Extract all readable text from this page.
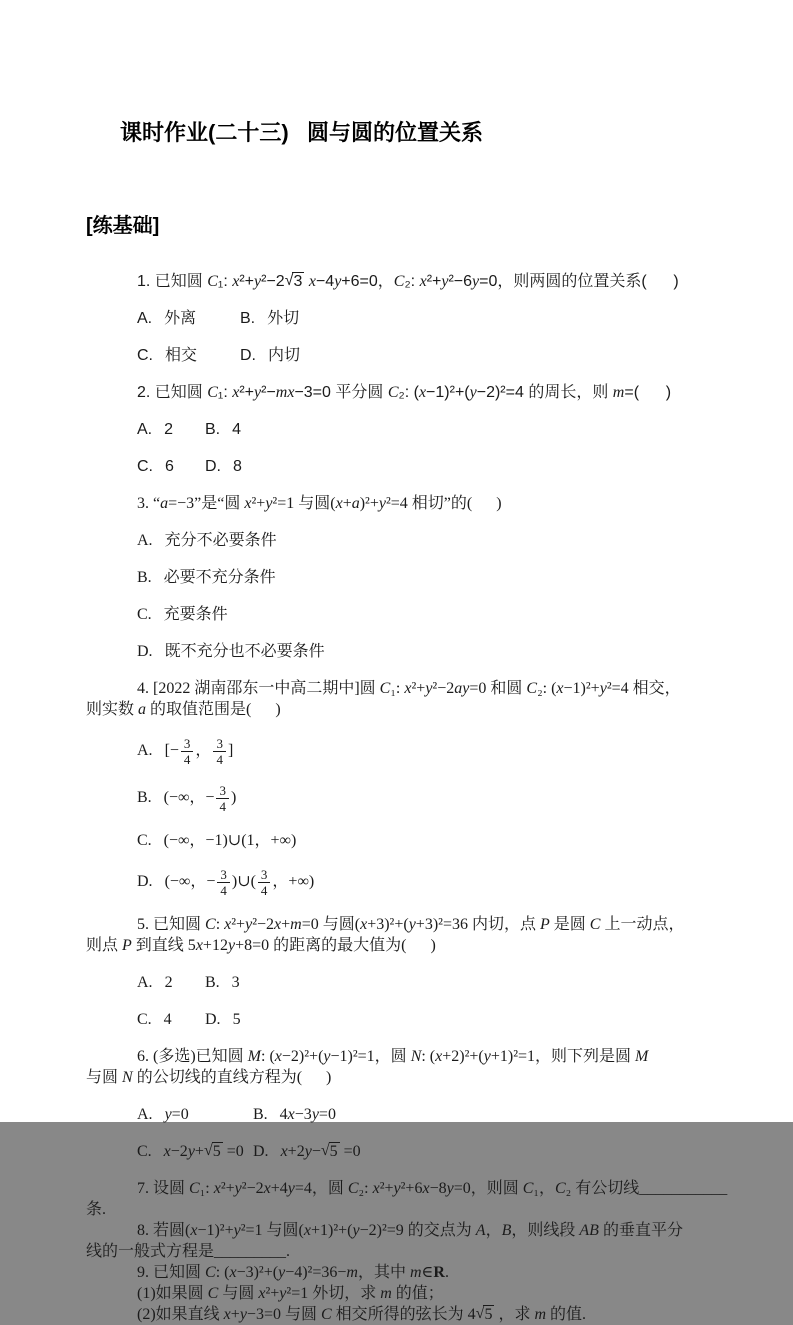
课时作业(二十三)   圆与圆的位置关系
[练基础]

1. 已知圆 C₁: x²+y²−2√3 x−4y+6=0，C₂: x²+y²−6y=0，则两圆的位置关系(      )

A. 外离	B. 外切

C. 相交	D. 内切

2. 已知圆 C₁: x²+y²−mx−3=0 平分圆 C₂: (x−1)²+(y−2)²=4 的周长，则 m=(      )

A. 2 B. 4

C. 6 D. 8

3. “a=−3”是“圆 x²+y²=1 与圆(x+a)²+y²=4 相切”的(      )

A. 充分不必要条件

B. 必要不充分条件

C. 充要条件

D. 既不充分也不必要条件

4. [2022 湖南邵东一中高二期中]圆 C₁: x²+y²−2ay=0 和圆 C₂: (x−1)²+y²=4 相交，

则实数 a 的取值范围是(      )

A. [− $\frac{3}{4}$ ， $\frac{3}{4}$ ]

B. (−∞，− $\frac{3}{4}$ )

C. (−∞，−1)∪(1，+∞)

D. (−∞，− $\frac{3}{4}$ )∪( $\frac{3}{4}$ ，+∞)

5. 已知圆 C: x²+y²−2x+m=0 与圆(x+3)²+(y+3)²=36 内切，点 P 是圆 C 上一动点，

则点 P 到直线 5x+12y+8=0 的距离的最大值为(      )

A. 2 B. 3

C. 4 D. 5

6. (多选)已知圆 M: (x−2)²+(y−1)²=1，圆 N: (x+2)²+(y+1)²=1，则下列是圆 M

与圆 N 的公切线的直线方程为(      )

A. y=0	B. 4x−3y=0

C. x−2y+√5 =0 D. x+2y−√5 =0

7. 设圆 C₁: x²+y²−2x+4y=4，圆 C₂: x²+y²+6x−8y=0，则圆 C₁，C₂ 有公切线___________

条.

8. 若圆(x−1)²+y²=1 与圆(x+1)²+(y−2)²=9 的交点为 A，B，则线段 AB 的垂直平分

线的一般式方程是_________.

9. 已知圆 C: (x−3)²+(y−4)²=36−m，其中 m∈R.

(1)如果圆 C 与圆 x²+y²=1 外切，求 m 的值；

(2)如果直线 x+y−3=0 与圆 C 相交所得的弦长为 4√5 ，求 m 的值.
